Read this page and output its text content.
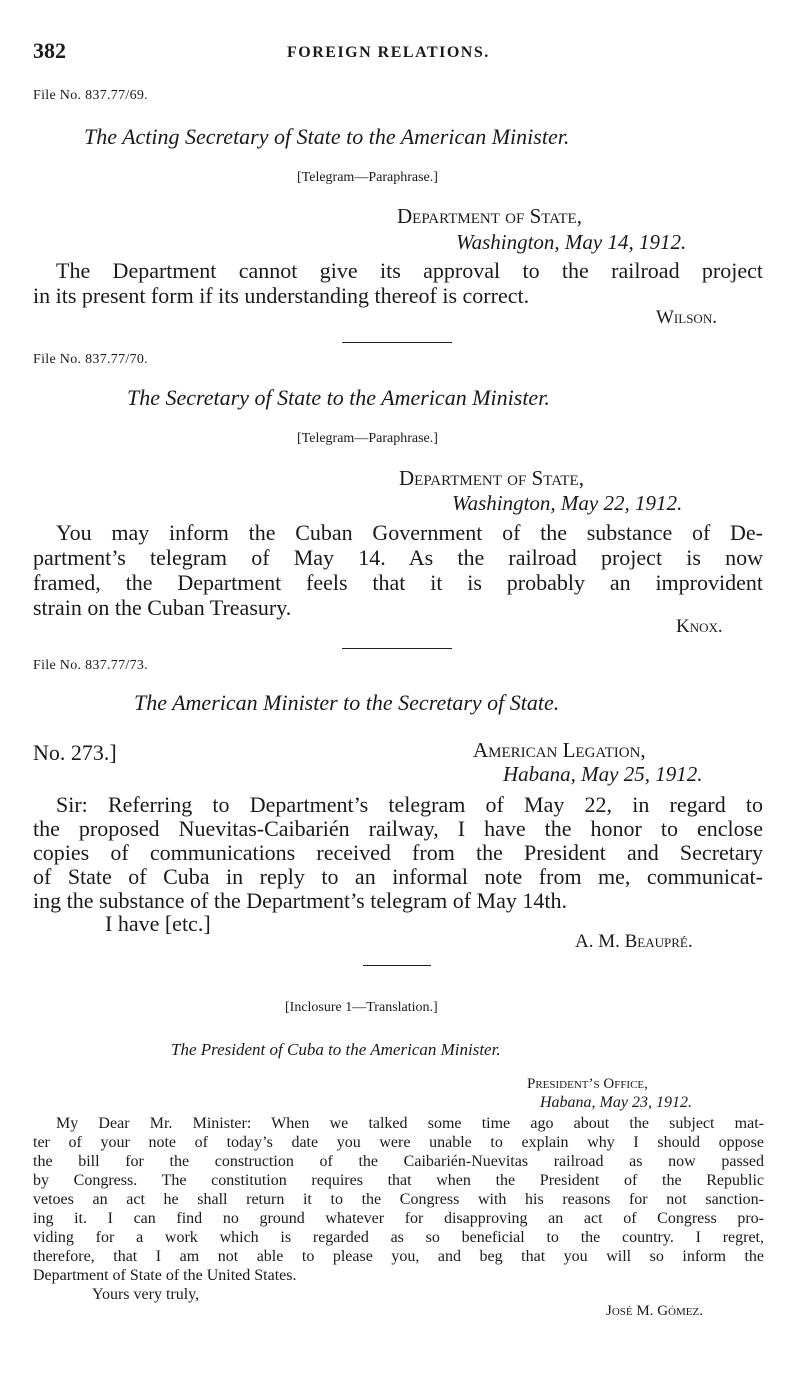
382	FOREIGN RELATIONS.
File No. 837.77/69.
The Acting Secretary of State to the American Minister.
[Telegram—Paraphrase.]
Department of State,
Washington, May 14, 1912.
The Department cannot give its approval to the railroad project
in its present form if its understanding thereof is correct.
Wilson.
File No. 837.77/70.
The Secretary of State to the American Minister.
[Telegram—Paraphrase.]
Department of State,
Washington, May 22, 1912.
You may inform the Cuban Government of the substance of De-
partment’s telegram of May 14. As the railroad project is now
framed, the Department feels that it is probably an improvident
strain on the Cuban Treasury.
Knox.
File No. 837.77/73.
The American Minister to the Secretary of State.
No. 273.]	American Legation,
Habana, May 25, 1912.
Sir: Referring to Department’s telegram of May 22, in regard to
the proposed Nuevitas-Caibarién railway, I have the honor to enclose
copies of communications received from the President and Secretary
of State of Cuba in reply to an informal note from me, communicat-
ing the substance of the Department’s telegram of May 14th.
I have [etc.]
A. M. Beaupré.
[Inclosure 1—Translation.]
The President of Cuba to the American Minister.
President’s Office,
Habana, May 23, 1912.
My Dear Mr. Minister: When we talked some time ago about the subject mat-
ter of your note of today’s date you were unable to explain why I should oppose
the bill for the construction of the Caibarién-Nuevitas railroad as now passed
by Congress. The constitution requires that when the President of the Republic
vetoes an act he shall return it to the Congress with his reasons for not sanction-
ing it. I can find no ground whatever for disapproving an act of Congress pro-
viding for a work which is regarded as so beneficial to the country. I regret,
therefore, that I am not able to please you, and beg that you will so inform the
Department of State of the United States.
Yours very truly,
José M. Gómez.
